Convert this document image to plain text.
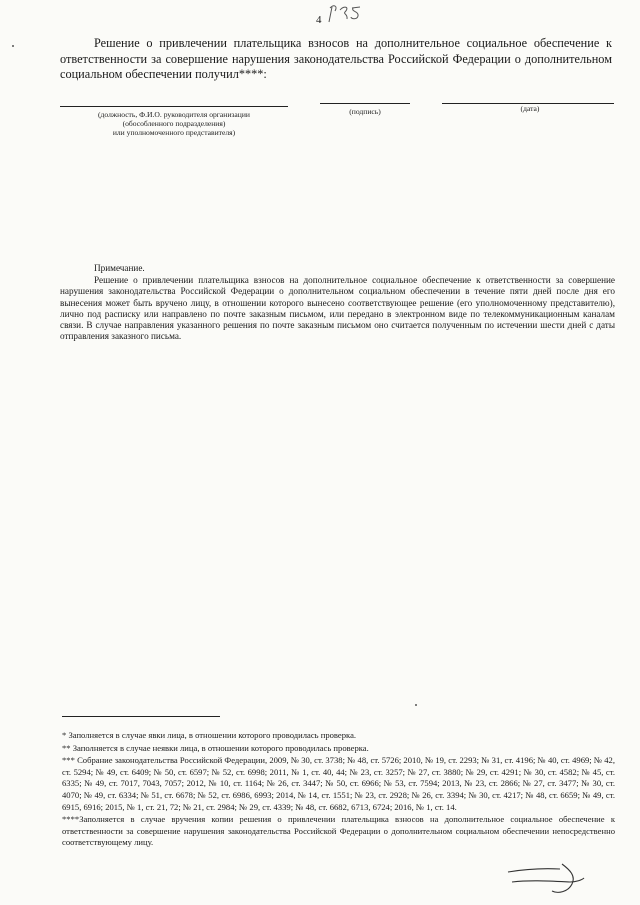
4
Решение о привлечении плательщика взносов на дополнительное социальное обеспечение к ответственности за совершение нарушения законодательства Российской Федерации о дополнительном социальном обеспечении получил****:
(должность, Ф.И.О. руководителя организации
(обособленного подразделения)
или уполномоченного представителя)
(подпись)	(дата)
Примечание.
Решение о привлечении плательщика взносов на дополнительное социальное обеспечение к ответственности за совершение нарушения законодательства Российской Федерации о дополнительном социальном обеспечении в течение пяти дней после дня его вынесения может быть вручено лицу, в отношении которого вынесено соответствующее решение (его уполномоченному представителю), лично под расписку или направлено по почте заказным письмом, или передано в электронном виде по телекоммуникационным каналам связи. В случае направления указанного решения по почте заказным письмом оно считается полученным по истечении шести дней с даты отправления заказного письма.

* Заполняется в случае явки лица, в отношении которого проводилась проверка.

** Заполняется в случае неявки лица, в отношении которого проводилась проверка.

*** Собрание законодательства Российской Федерации, 2009, № 30, ст. 3738; № 48, ст. 5726; 2010, № 19, ст. 2293; № 31, ст. 4196; № 40, ст. 4969; № 42, ст. 5294; № 49, ст. 6409; № 50, ст. 6597; № 52, ст. 6998; 2011, № 1, ст. 40, 44; № 23, ст. 3257; № 27, ст. 3880; № 29, ст. 4291; № 30, ст. 4582; № 45, ст. 6335; № 49, ст. 7017, 7043, 7057; 2012, № 10, ст. 1164; № 26, ст. 3447; № 50, ст. 6966; № 53, ст. 7594; 2013, № 23, ст. 2866; № 27, ст. 3477; № 30, ст. 4070; № 49, ст. 6334; № 51, ст. 6678; № 52, ст. 6986, 6993; 2014, № 14, ст. 1551; № 23, ст. 2928; № 26, ст. 3394; № 30, ст. 4217; № 48, ст. 6659; № 49, ст. 6915, 6916; 2015, № 1, ст. 21, 72; № 21, ст. 2984; № 29, ст. 4339; № 48, ст. 6682, 6713, 6724; 2016, № 1, ст. 14.

****Заполняется в случае вручения копии решения о привлечении плательщика взносов на дополнительное социальное обеспечение к ответственности за совершение нарушения законодательства Российской Федерации о дополнительном социальном обеспечении непосредственно соответствующему лицу.
